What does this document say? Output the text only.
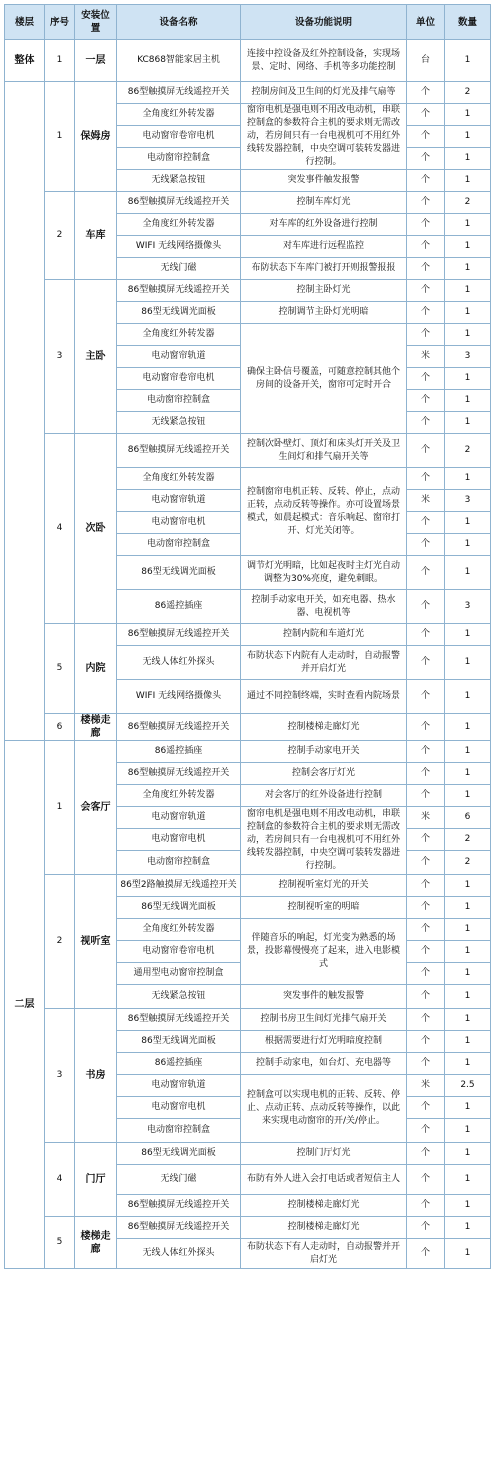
楼层	序号	安装位置	设备名称	设备功能说明	单位	数量
整体	1	一层	KC868智能家居主机	连接中控设备及红外控制设备，实现场景、定时、网络、手机等多功能控制	台	1
	1	保姆房	86型触摸屏无线遥控开关	控制房间及卫生间的灯光及排气扇等	个	2
			全角度红外转发器	窗帘电机是强电则不用改电动机，串联控制盒的参数符合主机的要求则无需改动，若房间只有一台电视机可不用红外线转发器控制，中央空调可装转发器进行控制。	个	1
			电动窗帘卷帘电机		个	1
			电动窗帘控制盒		个	1
			无线紧急按钮	突发事件触发报警	个	1
	2	车库	86型触摸屏无线遥控开关	控制车库灯光	个	2
			全角度红外转发器	对车库的红外设备进行控制	个	1
			WIFI 无线网络摄像头	对车库进行远程监控	个	1
			无线门磁	布防状态下车库门被打开则报警报报	个	1
	3	主卧	86型触摸屏无线遥控开关	控制主卧灯光	个	1
			86型无线调光面板	控制调节主卧灯光明暗	个	1
			全角度红外转发器	确保主卧信号覆盖，可随意控制其他个房间的设备开关，窗帘可定时开合	个	1
			电动窗帘轨道		米	3
			电动窗帘卷帘电机		个	1
			电动窗帘控制盒		个	1
			无线紧急按钮		个	1
	4	次卧	86型触摸屏无线遥控开关	控制次卧壁灯、顶灯和床头灯开关及卫生间灯和排气扇开关等	个	2
			全角度红外转发器	控制窗帘电机正转、反转、停止，点动正转，点动反转等操作。亦可设置场景模式，如晨起模式：音乐响起、窗帘打开、灯光关闭等。	个	1
			电动窗帘轨道		米	3
			电动窗帘电机		个	1
			电动窗帘控制盒		个	1
			86型无线调光面板	调节灯光明暗，比如起夜时主灯光自动调整为30%亮度，避免刺眼。	个	1
			86遥控插座	控制手动家电开关，如充电器、热水器、电视机等	个	3
	5	内院	86型触摸屏无线遥控开关	控制内院和车道灯光	个	1
			无线人体红外探头	布防状态下内院有人走动时，自动报警并开启灯光	个	1
			WIFI 无线网络摄像头	通过不同控制终端，实时查看内院场景	个	1
	6	楼梯走廊	86型触摸屏无线遥控开关	控制楼梯走廊灯光	个	1
二层	1	会客厅	86遥控插座	控制手动家电开关	个	1
			86型触摸屏无线遥控开关	控制会客厅灯光	个	1
			全角度红外转发器	对会客厅的红外设备进行控制	个	1
			电动窗帘轨道	窗帘电机是强电则不用改电动机，串联控制盒的参数符合主机的要求则无需改动，若房间只有一台电视机可不用红外线转发器控制，中央空调可装转发器进行控制。	米	6
			电动窗帘电机		个	2
			电动窗帘控制盒		个	2
	2	视听室	86型2路触摸屏无线遥控开关	控制视听室灯光的开关	个	1
			86型无线调光面板	控制视听室的明暗	个	1
			全角度红外转发器	伴随音乐的响起，灯光变为熟悉的场景，投影幕慢慢亮了起来，进入电影模式	个	1
			电动窗帘卷帘电机		个	1
			通用型电动窗帘控制盒		个	1
			无线紧急按钮	突发事件的触发报警	个	1
	3	书房	86型触摸屏无线遥控开关	控制书房卫生间灯光排气扇开关	个	1
			86型无线调光面板	根据需要进行灯光明暗度控制	个	1
			86遥控插座	控制手动家电，如台灯、充电器等	个	1
			电动窗帘轨道	控制盒可以实现电机的正转、反转、停止、点动正转、点动反转等操作，以此来实现电动窗帘的开/关/停止。	米	2.5
			电动窗帘电机		个	1
			电动窗帘控制盒		个	1
	4	门厅	86型无线调光面板	控制门厅灯光	个	1
			无线门磁	布防有外人进入会打电话或者短信主人	个	1
			86型触摸屏无线遥控开关	控制楼梯走廊灯光	个	1
	5	楼梯走廊	86型触摸屏无线遥控开关	控制楼梯走廊灯光	个	1
			无线人体红外探头	布防状态下有人走动时，自动报警并开启灯光	个	1
